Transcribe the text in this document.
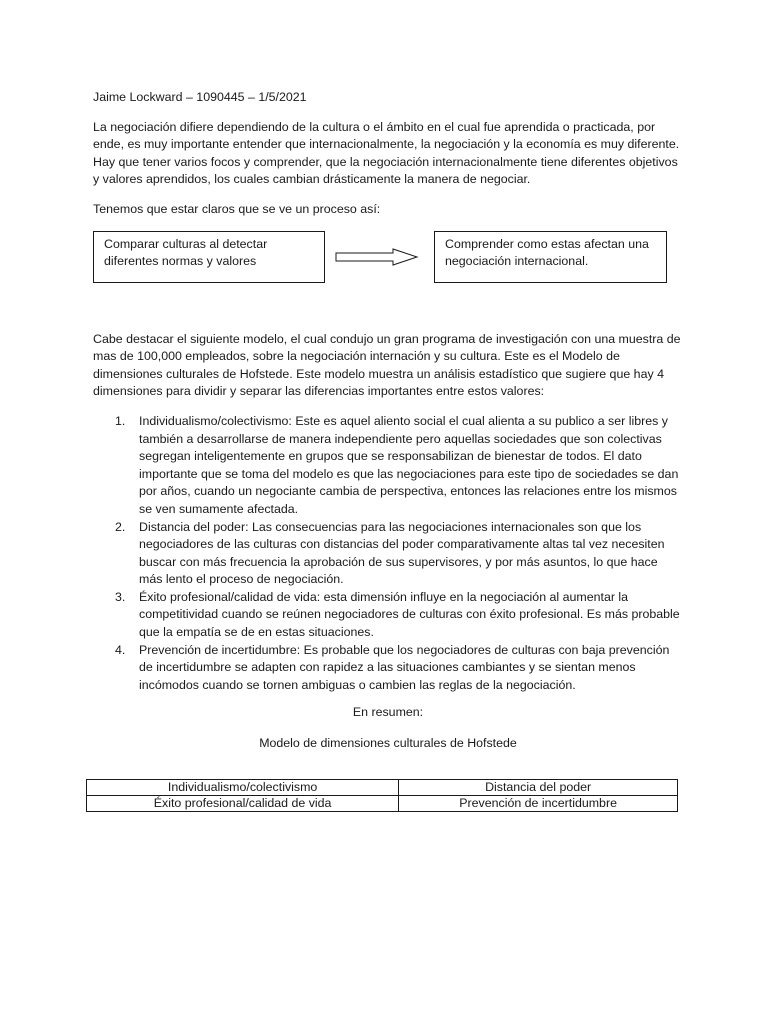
Jaime Lockward – 1090445 – 1/5/2021

La negociación difiere dependiendo de la cultura o el ámbito en el cual fue aprendida o practicada, por ende, es muy importante entender que internacionalmente, la negociación y la economía es muy diferente. Hay que tener varios focos y comprender, que la negociación internacionalmente tiene diferentes objetivos y valores aprendidos, los cuales cambian drásticamente la manera de negociar.

Tenemos que estar claros que se ve un proceso así:

Comparar culturas al detectar diferentes normas y valores
Comprender como estas afectan una negociación internacional.

Cabe destacar el siguiente modelo, el cual condujo un gran programa de investigación con una muestra de mas de 100,000 empleados, sobre la negociación internación y su cultura. Este es el Modelo de dimensiones culturales de Hofstede. Este modelo muestra un análisis estadístico que sugiere que hay 4 dimensiones para dividir y separar las diferencias importantes entre estos valores:

1. Individualismo/colectivismo: Este es aquel aliento social el cual alienta a su publico a ser libres y también a desarrollarse de manera independiente pero aquellas sociedades que son colectivas segregan inteligentemente en grupos que se responsabilizan de bienestar de todos. El dato importante que se toma del modelo es que las negociaciones para este tipo de sociedades se dan por años, cuando un negociante cambia de perspectiva, entonces las relaciones entre los mismos se ven sumamente afectada.
2. Distancia del poder: Las consecuencias para las negociaciones internacionales son que los negociadores de las culturas con distancias del poder comparativamente altas tal vez necesiten buscar con más frecuencia la aprobación de sus supervisores, y por más asuntos, lo que hace más lento el proceso de negociación.
3. Éxito profesional/calidad de vida: esta dimensión influye en la negociación al aumentar la competitividad cuando se reúnen negociadores de culturas con éxito profesional. Es más probable que la empatía se de en estas situaciones.
4. Prevención de incertidumbre: Es probable que los negociadores de culturas con baja prevención de incertidumbre se adapten con rapidez a las situaciones cambiantes y se sientan menos incómodos cuando se tornen ambiguas o cambien las reglas de la negociación.

En resumen:

Modelo de dimensiones culturales de Hofstede

Individualismo/colectivismo	Distancia del poder
Éxito profesional/calidad de vida	Prevención de incertidumbre
